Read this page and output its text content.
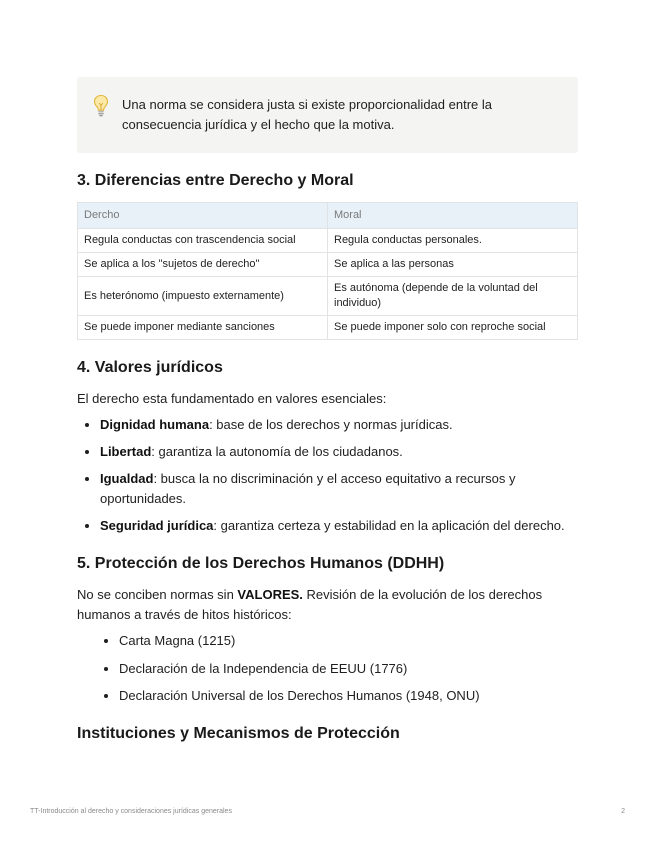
Una norma se considera justa si existe proporcionalidad entre la consecuencia jurídica y el hecho que la motiva.
3. Diferencias entre Derecho y Moral
Dercho	Moral
Regula conductas con trascendencia social	Regula conductas personales.
Se aplica a los "sujetos de derecho"	Se aplica a las personas
Es heterónomo (impuesto externamente)	Es autónoma (depende de la voluntad del individuo)
Se puede imponer mediante sanciones	Se puede imponer solo con reproche social
4. Valores jurídicos

El derecho esta fundamentado en valores esenciales:

• Dignidad humana: base de los derechos y normas jurídicas.
• Libertad: garantiza la autonomía de los ciudadanos.
• Igualdad: busca la no discriminación y el acceso equitativo a recursos y oportunidades.
• Seguridad jurídica: garantiza certeza y estabilidad en la aplicación del derecho.
5. Protección de los Derechos Humanos (DDHH)

No se conciben normas sin VALORES. Revisión de la evolución de los derechos humanos a través de hitos históricos:

• Carta Magna (1215)
• Declaración de la Independencia de EEUU (1776)
• Declaración Universal de los Derechos Humanos (1948, ONU)
Instituciones y Mecanismos de Protección
TT-Introducción al derecho y consideraciones jurídicas generales	2
